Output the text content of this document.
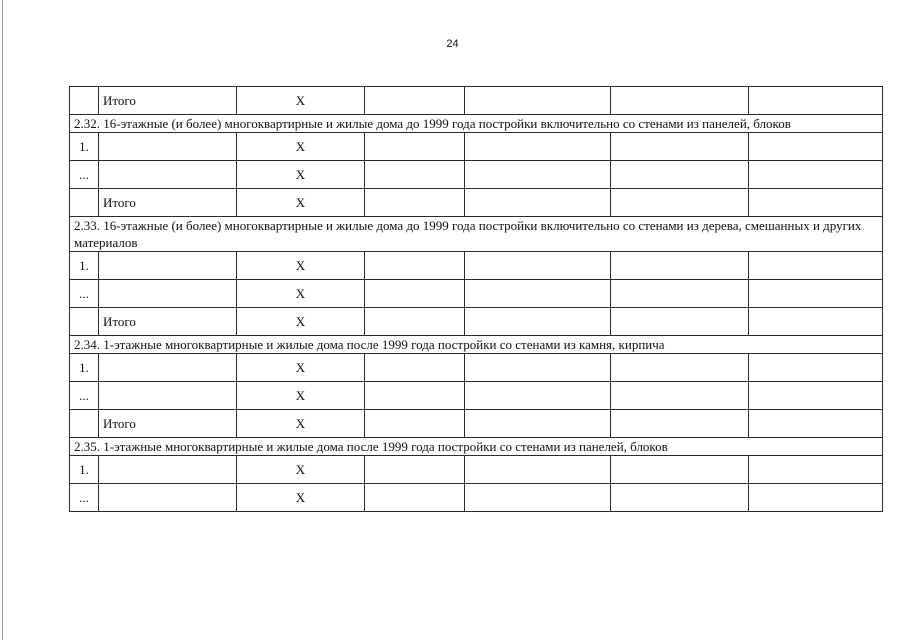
24
	Итого	X				
2.32. 16-этажные (и более) многоквартирные и жилые дома до 1999 года постройки включительно со стенами из панелей, блоков						
1.		X				
...		X				
	Итого	X				
2.33. 16-этажные (и более) многоквартирные и жилые дома до 1999 года постройки включительно со стенами из дерева, смешанных и других материалов						
1.		X				
...		X				
	Итого	X				
2.34. 1-этажные многоквартирные и жилые дома после 1999 года постройки со стенами из камня, кирпича						
1.		X				
...		X				
	Итого	X				
2.35. 1-этажные многоквартирные и жилые дома после 1999 года постройки со стенами из панелей, блоков						
1.		X				
...		X				
